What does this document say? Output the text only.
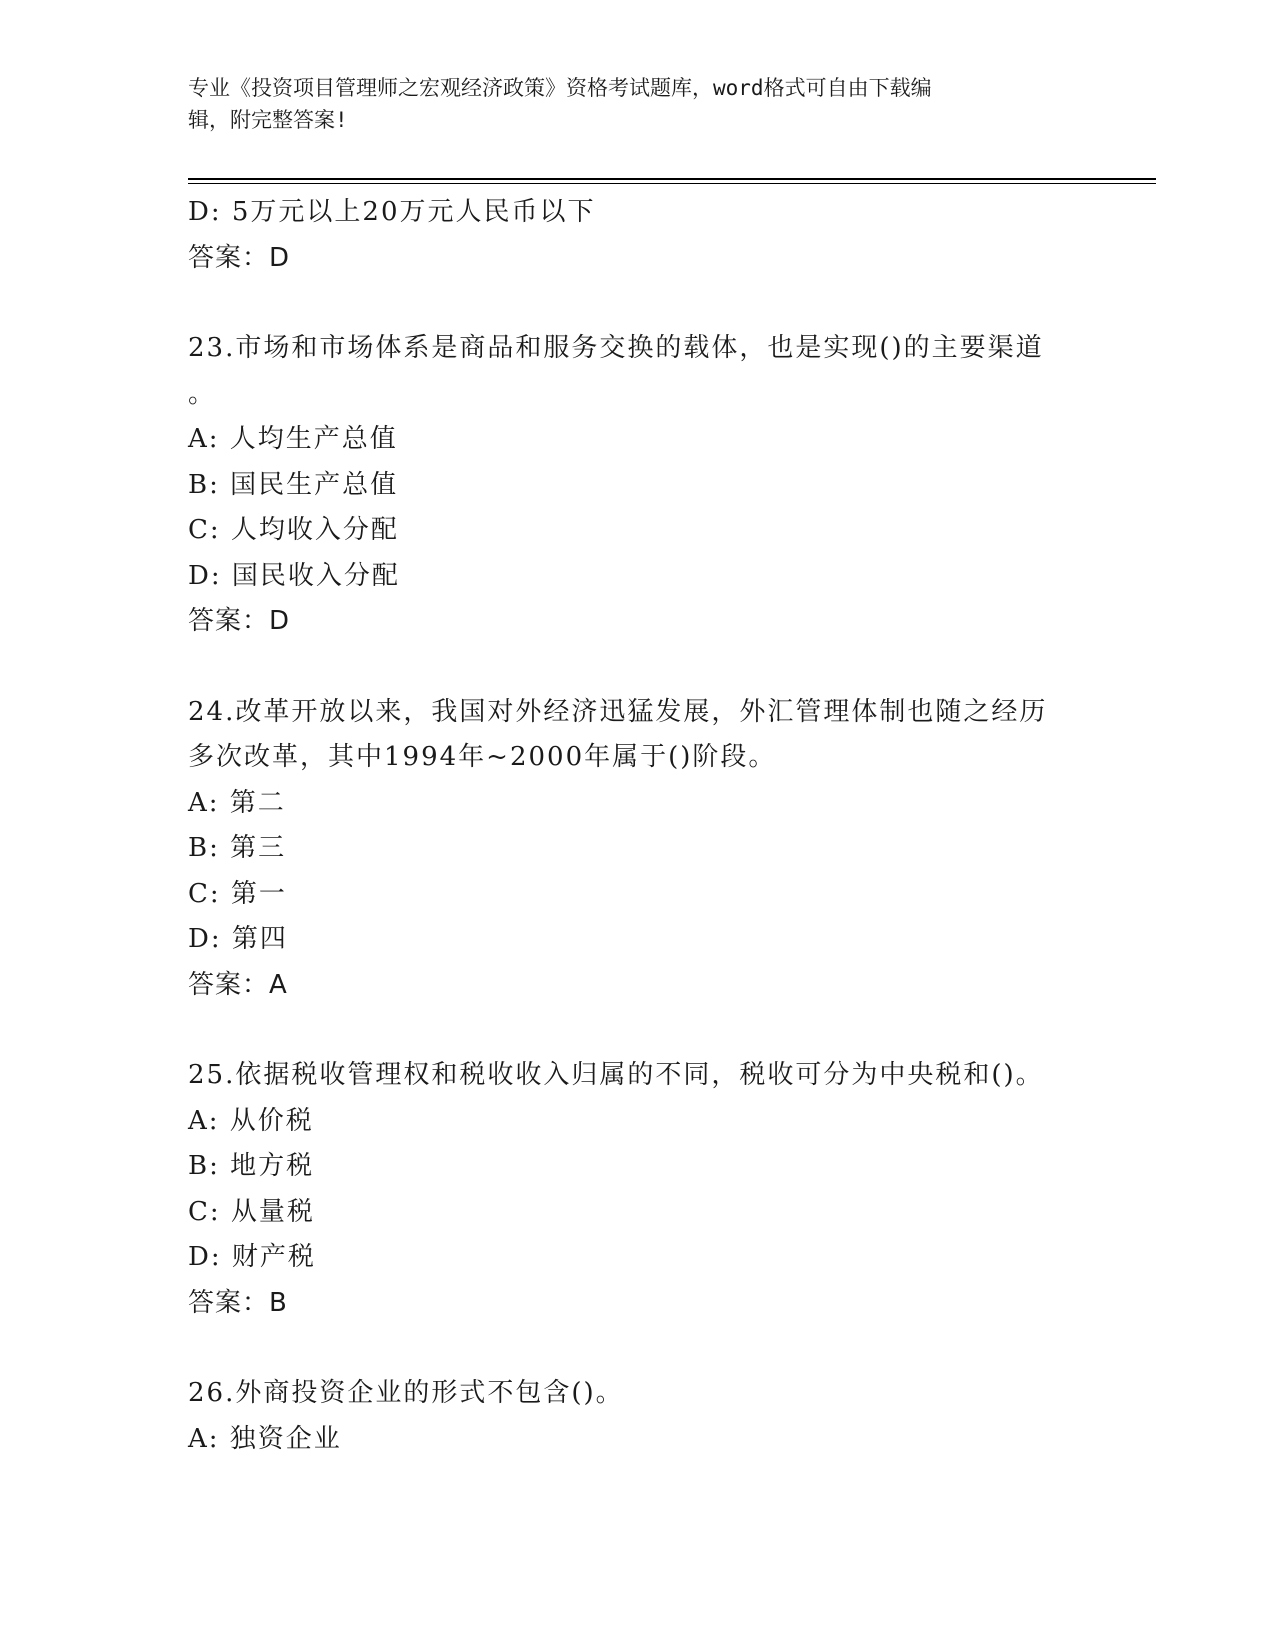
专业《投资项目管理师之宏观经济政策》资格考试题库，word格式可自由下载编
辑，附完整答案!
D: 5万元以上20万元人民币以下
答案：D
23.市场和市场体系是商品和服务交换的载体，也是实现()的主要渠道
。
A: 人均生产总值
B: 国民生产总值
C: 人均收入分配
D: 国民收入分配
答案：D
24.改革开放以来，我国对外经济迅猛发展，外汇管理体制也随之经历
多次改革，其中1994年~2000年属于()阶段。
A: 第二
B: 第三
C: 第一
D: 第四
答案：A
25.依据税收管理权和税收收入归属的不同，税收可分为中央税和()。
A: 从价税
B: 地方税
C: 从量税
D: 财产税
答案：B
26.外商投资企业的形式不包含()。
A: 独资企业
